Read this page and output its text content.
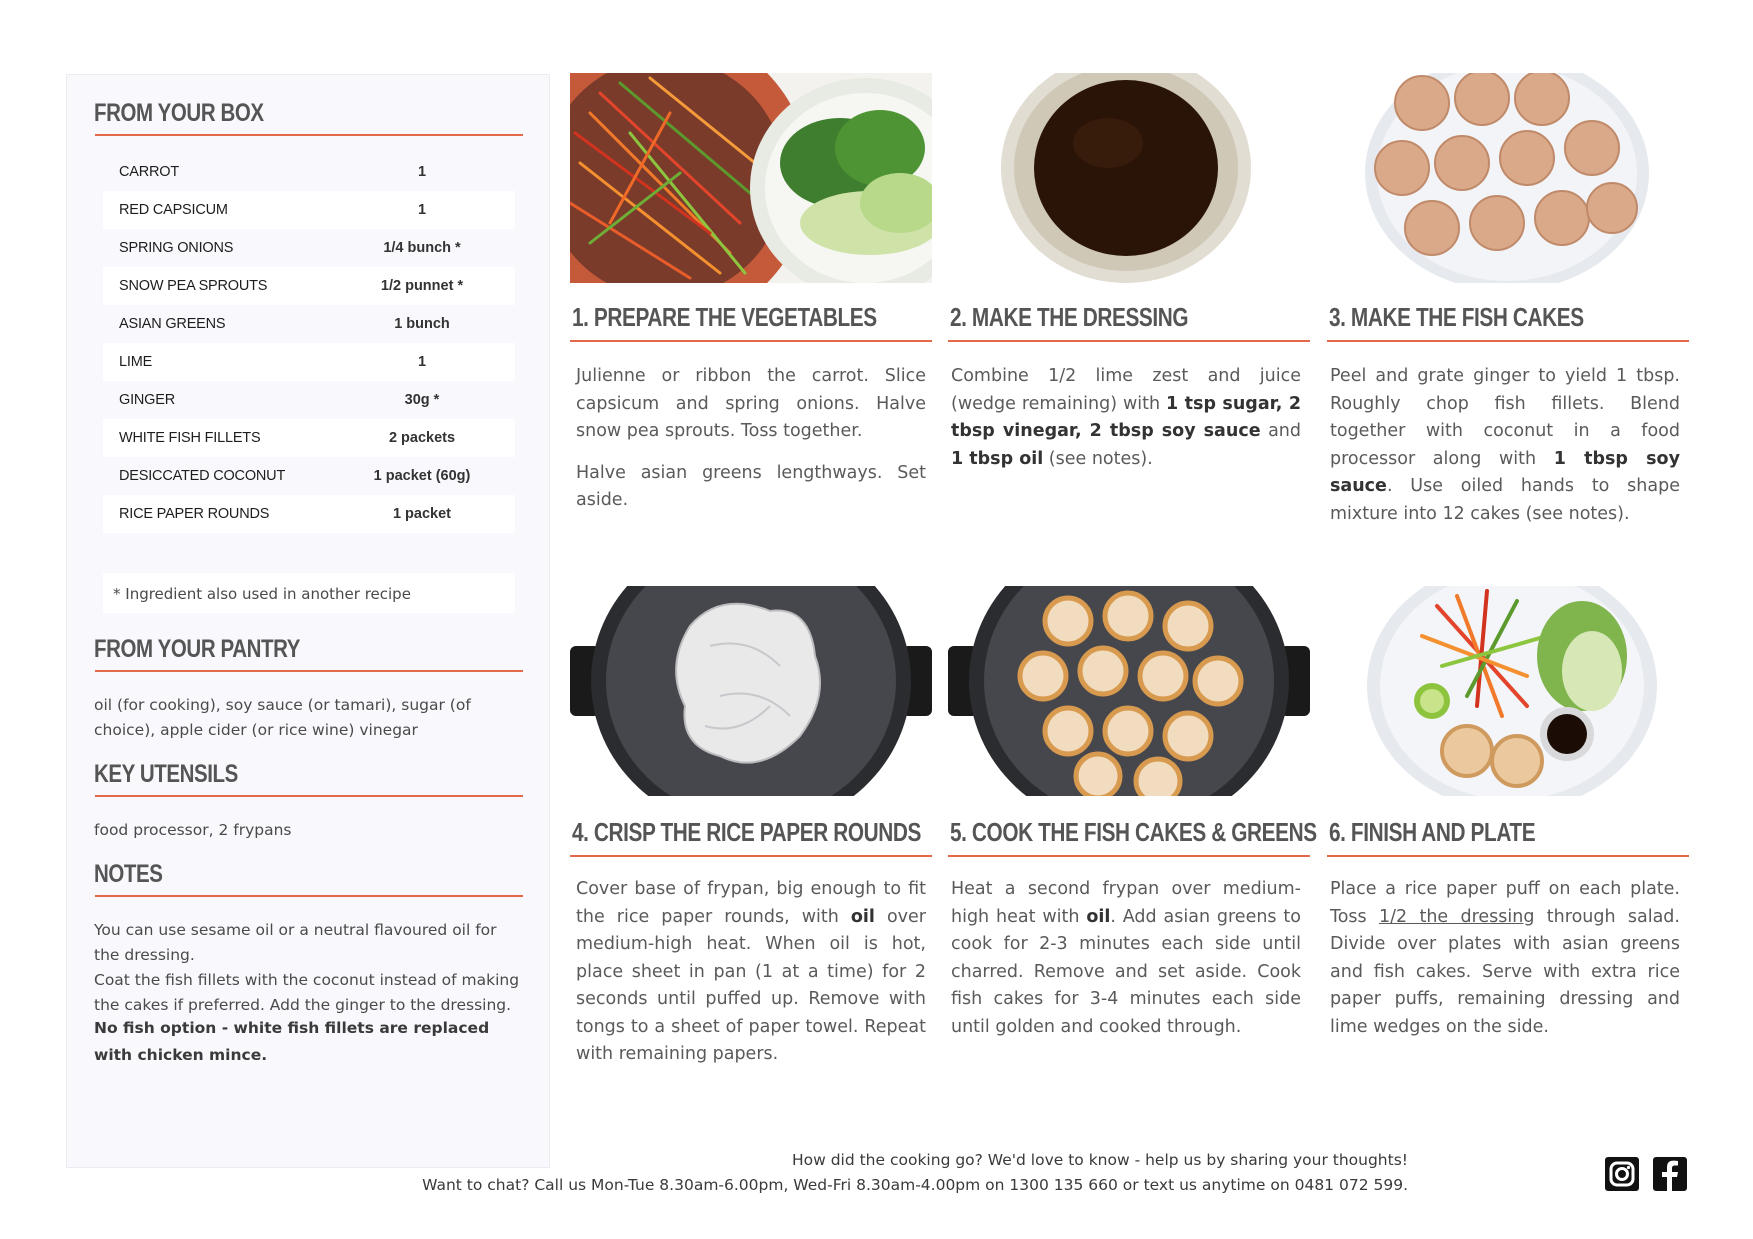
FROM YOUR BOX
CARROT	1
RED CAPSICUM	1
SPRING ONIONS	1/4 bunch *
SNOW PEA SPROUTS	1/2 punnet *
ASIAN GREENS	1 bunch
LIME	1
GINGER	30g *
WHITE FISH FILLETS	2 packets
DESICCATED COCONUT	1 packet (60g)
RICE PAPER ROUNDS	1 packet
* Ingredient also used in another recipe
FROM YOUR PANTRY
oil (for cooking), soy sauce (or tamari), sugar (of choice), apple cider (or rice wine) vinegar
KEY UTENSILS
food processor, 2 frypans
NOTES
You can use sesame oil or a neutral flavoured oil for the dressing.
Coat the fish fillets with the coconut instead of making the cakes if preferred. Add the ginger to the dressing.
No fish option - white fish fillets are replaced with chicken mince.
1. PREPARE THE VEGETABLES

Julienne or ribbon the carrot. Slice capsicum and spring onions. Halve snow pea sprouts. Toss together.

Halve asian greens lengthways. Set aside.

2. MAKE THE DRESSING

Combine 1/2 lime zest and juice (wedge remaining) with 1 tsp sugar, 2 tbsp vinegar, 2 tbsp soy sauce and 1 tbsp oil (see notes).

3. MAKE THE FISH CAKES

Peel and grate ginger to yield 1 tbsp. Roughly chop fish fillets. Blend together with coconut in a food processor along with 1 tbsp soy sauce. Use oiled hands to shape mixture into 12 cakes (see notes).

4. CRISP THE RICE PAPER ROUNDS

Cover base of frypan, big enough to fit the rice paper rounds, with oil over medium-high heat. When oil is hot, place sheet in pan (1 at a time) for 2 seconds until puffed up. Remove with tongs to a sheet of paper towel. Repeat with remaining papers.

5. COOK THE FISH CAKES & GREENS

Heat a second frypan over medium-high heat with oil. Add asian greens to cook for 2-3 minutes each side until charred. Remove and set aside. Cook fish cakes for 3-4 minutes each side until golden and cooked through.

6. FINISH AND PLATE

Place a rice paper puff on each plate. Toss 1/2 the dressing through salad. Divide over plates with asian greens and fish cakes. Serve with extra rice paper puffs, remaining dressing and lime wedges on the side.

How did the cooking go? We'd love to know - help us by sharing your thoughts!
Want to chat? Call us Mon-Tue 8.30am-6.00pm, Wed-Fri 8.30am-4.00pm on 1300 135 660 or text us anytime on 0481 072 599.
